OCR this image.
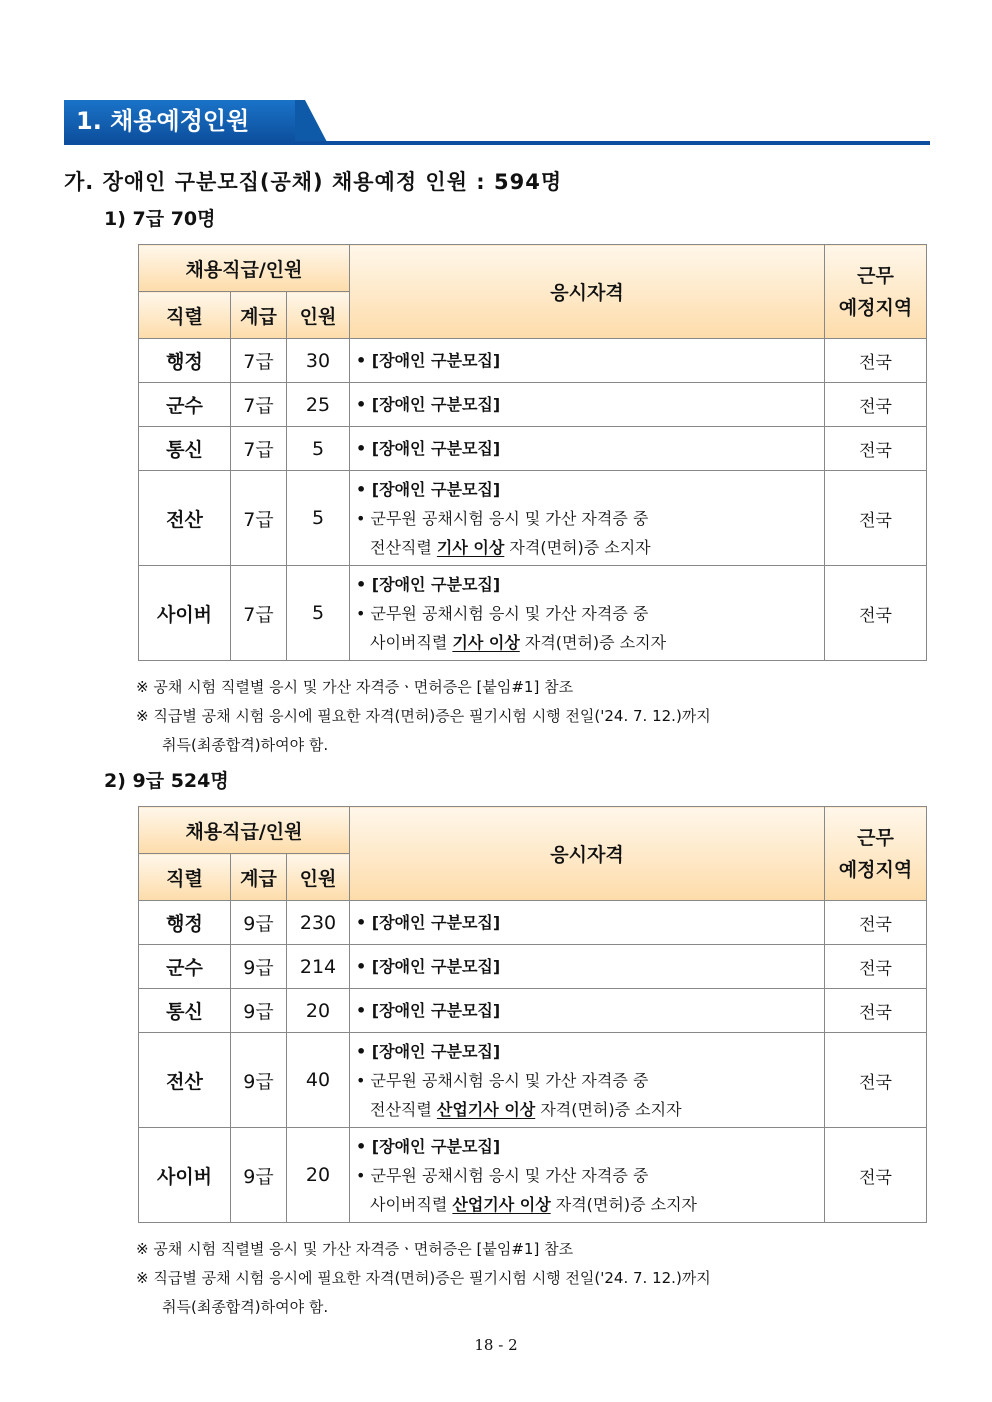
1. 채용예정인원
가. 장애인 구분모집(공채) 채용예정 인원 : 594명
1) 7급 70명
채용직급/인원			응시자격	근무
예정지역

직렬	계급	인원		
행정	7급	30	• [장애인 구분모집]	전국
군수	7급	25	• [장애인 구분모집]	전국
통신	7급	5	• [장애인 구분모집]	전국
전산	7급	5	• [장애인 구분모집]
• 군무원 공채시험 응시 및 가산 자격증 중
전산직렬 기사 이상 자격(면허)증 소지자	전국
사이버	7급	5	• [장애인 구분모집]
• 군무원 공채시험 응시 및 가산 자격증 중
사이버직렬 기사 이상 자격(면허)증 소지자	전국
※ 공채 시험 직렬별 응시 및 가산 자격증ㆍ면허증은 [붙임#1] 참조
※ 직급별 공채 시험 응시에 필요한 자격(면허)증은 필기시험 시행 전일('24. 7. 12.)까지
취득(최종합격)하여야 함.
2) 9급 524명
채용직급/인원			응시자격	근무
예정지역

직렬	계급	인원		
행정	9급	230	• [장애인 구분모집]	전국
군수	9급	214	• [장애인 구분모집]	전국
통신	9급	20	• [장애인 구분모집]	전국
전산	9급	40	• [장애인 구분모집]
• 군무원 공채시험 응시 및 가산 자격증 중
전산직렬 산업기사 이상 자격(면허)증 소지자	전국
사이버	9급	20	• [장애인 구분모집]
• 군무원 공채시험 응시 및 가산 자격증 중
사이버직렬 산업기사 이상 자격(면허)증 소지자	전국
※ 공채 시험 직렬별 응시 및 가산 자격증ㆍ면허증은 [붙임#1] 참조
※ 직급별 공채 시험 응시에 필요한 자격(면허)증은 필기시험 시행 전일('24. 7. 12.)까지
취득(최종합격)하여야 함.
18 - 2
